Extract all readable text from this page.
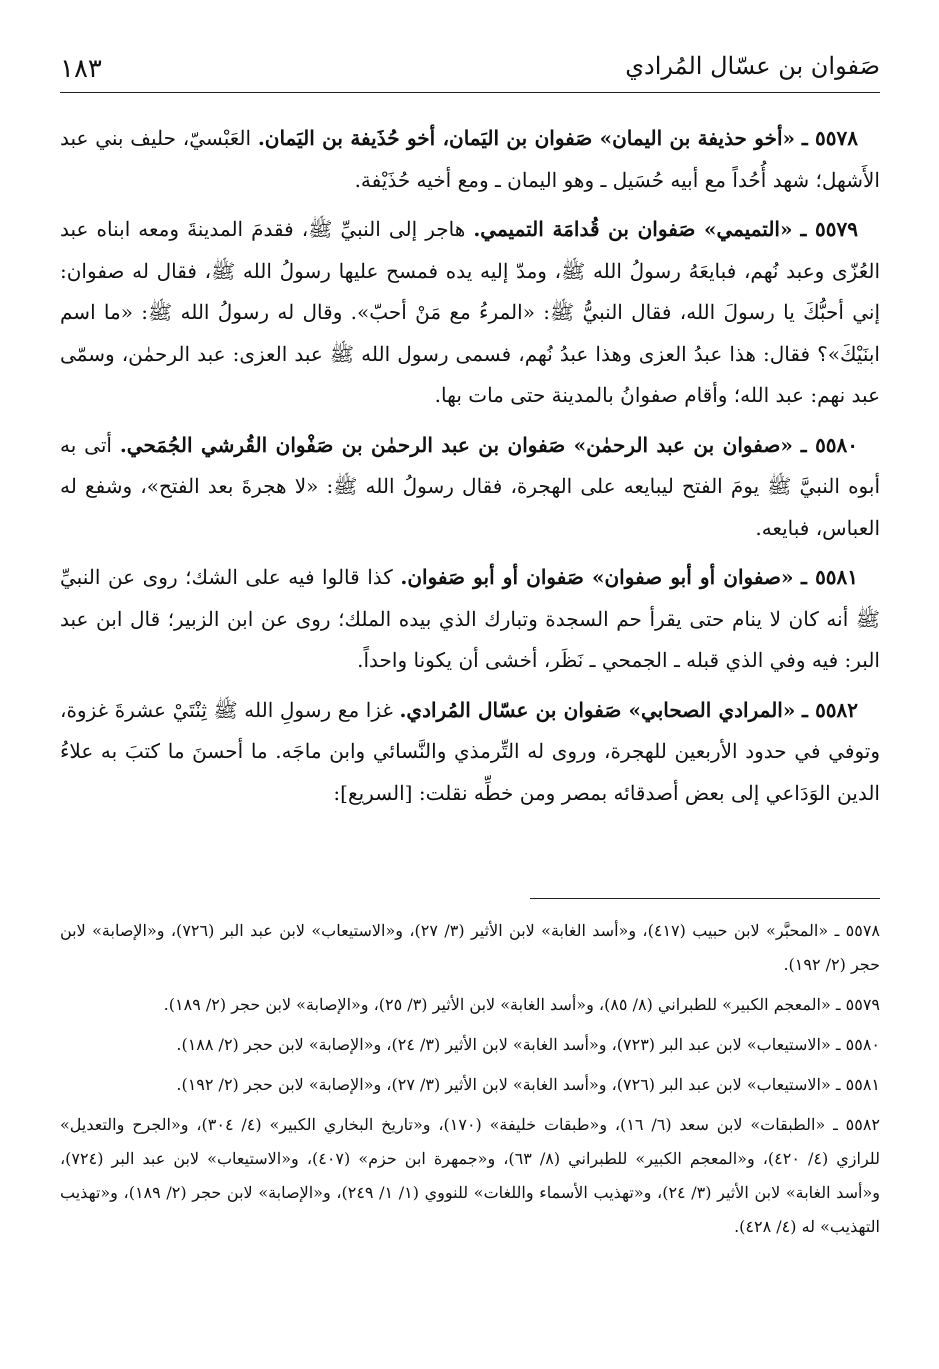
١٨٣	صَفوان بن عسّال المُرادي

٥٥٧٨ ـ «أخو حذيفة بن اليمان» صَفوان بن اليَمان، أخو حُذَيفة بن اليَمان. العَبْسيّ، حليف بني عبد الأَشهل؛ شهد أُحُداً مع أبيه حُسَيل ـ وهو اليمان ـ ومع أخيه حُذَيْفة.

٥٥٧٩ ـ «التميمي» صَفوان بن قُدامَة التميمي. هاجر إلى النبيِّ ﷺ، فقدمَ المدينةَ ومعه ابناه عبد العُزّى وعبد نُهم، فبايعَهُ رسولُ الله ﷺ، ومدّ إليه يده فمسح عليها رسولُ الله ﷺ، فقال له صفوان: إني أحبُّكَ يا رسولَ الله، فقال النبيُّ ﷺ: «المرءُ مع مَنْ أحبّ». وقال له رسولُ الله ﷺ: «ما اسم ابنَيْكَ»؟ فقال: هذا عبدُ العزى وهذا عبدُ نُهم، فسمى رسول الله ﷺ عبد العزى: عبد الرحمٰن، وسمّى عبد نهم: عبد الله؛ وأقام صفوانُ بالمدينة حتى مات بها.

٥٥٨٠ ـ «صفوان بن عبد الرحمٰن» صَفوان بن عبد الرحمٰن بن صَفْوان القُرشي الجُمَحي. أتى به أبوه النبيَّ ﷺ يومَ الفتح ليبايعه على الهجرة، فقال رسولُ الله ﷺ: «لا هجرةَ بعد الفتح»، وشفع له العباس، فبايعه.

٥٥٨١ ـ «صفوان أو أبو صفوان» صَفوان أو أبو صَفوان. كذا قالوا فيه على الشك؛ روى عن النبيِّ ﷺ أنه كان لا ينام حتى يقرأ حم السجدة وتبارك الذي بيده الملك؛ روى عن ابن الزبير؛ قال ابن عبد البر: فيه وفي الذي قبله ـ الجمحي ـ نَظَر، أخشى أن يكونا واحداً.

٥٥٨٢ ـ «المرادي الصحابي» صَفوان بن عسّال المُرادي. غزا مع رسولِ الله ﷺ ثِنْتَيْ عشرةَ غزوة، وتوفي في حدود الأربعين للهجرة، وروى له التِّرمذي والنَّسائي وابن ماجَه. ما أحسنَ ما كتبَ به علاءُ الدين الوَدَاعي إلى بعض أصدقائه بمصر ومن خطِّه نقلت: [السريع]:

٥٥٧٨ ـ «المحبَّر» لابن حبيب (٤١٧)، و«أسد الغابة» لابن الأثير (٣/ ٢٧)، و«الاستيعاب» لابن عبد البر (٧٢٦)، و«الإصابة» لابن حجر (٢/ ١٩٢).

٥٥٧٩ ـ «المعجم الكبير» للطبراني (٨/ ٨٥)، و«أسد الغابة» لابن الأثير (٣/ ٢٥)، و«الإصابة» لابن حجر (٢/ ١٨٩).

٥٥٨٠ ـ «الاستيعاب» لابن عبد البر (٧٢٣)، و«أسد الغابة» لابن الأثير (٣/ ٢٤)، و«الإصابة» لابن حجر (٢/ ١٨٨).

٥٥٨١ ـ «الاستيعاب» لابن عبد البر (٧٢٦)، و«أسد الغابة» لابن الأثير (٣/ ٢٧)، و«الإصابة» لابن حجر (٢/ ١٩٢).

٥٥٨٢ ـ «الطبقات» لابن سعد (٦/ ١٦)، و«طبقات خليفة» (١٧٠)، و«تاريخ البخاري الكبير» (٤/ ٣٠٤)، و«الجرح والتعديل» للرازي (٤/ ٤٢٠)، و«المعجم الكبير» للطبراني (٨/ ٦٣)، و«جمهرة ابن حزم» (٤٠٧)، و«الاستيعاب» لابن عبد البر (٧٢٤)، و«أسد الغابة» لابن الأثير (٣/ ٢٤)، و«تهذيب الأسماء واللغات» للنووي (١/ ١/ ٢٤٩)، و«الإصابة» لابن حجر (٢/ ١٨٩)، و«تهذيب التهذيب» له (٤/ ٤٢٨).
